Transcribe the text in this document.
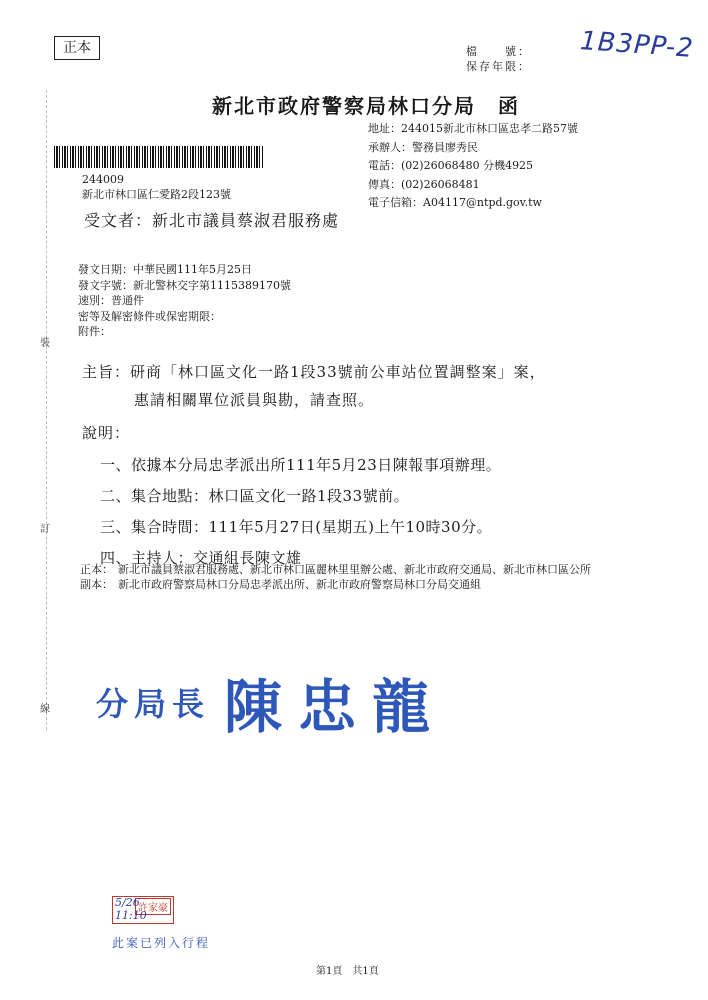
正本	檔　　號：
保存年限：
1B3PP-2
新北市政府警察局林口分局　函
地址：244015新北市林口區忠孝二路57號
承辦人：警務員廖秀民
電話：(02)26068480 分機4925
傳真：(02)26068481
電子信箱：A04117@ntpd.gov.tw
244009
新北市林口區仁愛路2段123號
受文者：新北市議員蔡淑君服務處
發文日期：中華民國111年5月25日
發文字號：新北警林交字第1115389170號
速別：普通件
密等及解密條件或保密期限：
附件：
裝
訂
線
主旨：研商「林口區文化一路1段33號前公車站位置調整案」案，
惠請相關單位派員與勘，請查照。
說明：
一、依據本分局忠孝派出所111年5月23日陳報事項辦理。
二、集合地點：林口區文化一路1段33號前。
三、集合時間：111年5月27日(星期五)上午10時30分。
四、主持人：交通組長陳文雄
正本： 新北市議員蔡淑君服務處、新北市林口區麗林里里辦公處、新北市政府交通局、新北市林口區公所
副本： 新北市政府警察局林口分局忠孝派出所、新北市政府警察局林口分局交通組
分局長 陳忠龍
許家豪
5/26 11:10
此案已列入行程
第1頁　共1頁
